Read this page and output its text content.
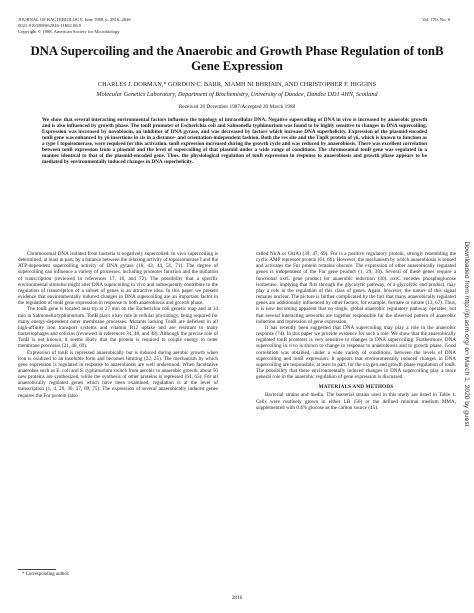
JOURNAL OF BACTERIOLOGY, June 1988, p. 2816–2826
0021-9193/88/062816-11$02.00/0
Copyright © 1988, American Society for Microbiology
Vol. 170, No. 6
DNA Supercoiling and the Anaerobic and Growth Phase Regulation of tonB Gene Expression

CHARLES J. DORMAN,* GORDON C. BARR, NIAMH NI BHRIAIN, AND CHRISTOPHER F. HIGGINS

Molecular Genetics Laboratory, Department of Biochemistry, University of Dundee, Dundee DD1 4HN, Scotland

Received 28 December 1987/Accepted 20 March 1988

We show that several interacting environmental factors influence the topology of intracellular DNA. Negative supercoiling of DNA in vivo is increased by anaerobic growth and is also influenced by growth phase. The tonB promoter of Escherichia coli and Salmonella typhimurium was found to be highly sensitive to changes in DNA supercoiling. Expression was increased by novobiocin, an inhibitor of DNA gyrase, and was decreased by factors which increase DNA superhelicity. Expression of the plasmid-encoded tonB gene was enhanced by γδ insertions in cis in a distance- and orientation-independent fashion. Both the res site and the TnpR protein of γδ, which is known to function as a type I topoisomerase, were required for this activation. tonB expression increased during the growth cycle and was reduced by anaerobiosis. There was excellent correlation between tonB expression from a plasmid and the level of supercoiling of that plasmid under a wide range of conditions. The chromosomal tonB gene was regulated in a manner identical to that of the plasmid-encoded gene. Thus, the physiological regulation of tonB expression in response to anaerobiosis and growth phase appears to be mediated by environmentally induced changes in DNA superhelicity.

Chromosomal DNA isolated from bacteria is negatively supercoiled. In vivo supercoiling is determined, at least in part, by a balance between the relaxing activity of topoisomerase I and the ATP-dependent supercoiling activity of DNA gyrase (16, 43, 44, 51, 71). The degree of supercoiling can influence a variety of processes, including promoter function and the initiation of transcription (reviewed in references 17, 18, and 72). The possibility that a specific environmental stimulus might alter DNA supercoiling in vivo and subsequently contribute to the regulation of transcription of a subset of genes is an attractive idea. In this paper we present evidence that environmentally induced changes in DNA supercoiling are an important factor in the regulation of tonB gene expression in response to both anaerobiosis and growth phase.

The tonB gene is located near trp at 27 min on the Escherichia coli genetic map and at 34 min in Salmonella typhimurium. TonB plays a key role in cellular physiology, being required for many energy-dependent outer membrane processes. Mutants lacking TonB are deficient in all high-affinity iron transport systems and vitamin B12 uptake and are resistant to many bacteriophages and colicins (reviewed in references 34, 46, and 48). Although the precise role of TonB is not known, it seems likely that the protein is required to couple energy to outer membrane processes (21, 48, 69).

Expression of tonB is repressed anaerobically but is induced during aerobic growth when iron is oxidized to an insoluble form and becomes limiting (22, 25). The mechanism by which gene expression is regulated in response to anaerobiosis are well understood. When facultative anaerobes such as E. coli and S. typhimurium switch from aerobic to anaerobic growth, about 50 new proteins are synthesized, while the synthesis of other proteins is repressed (64, 65). For all anaerobically regulated genes which have been examined, regulation is at the level of transcription (1, 4, 29, 30, 37, 69, 75). The expression of several anaerobically induced genes requires the Fnr protein (also

called NirA or OsrA) (39, 47, 69). Fnr is a positive regulatory protein, strongly resembling the cyclic AMP repressor protein (61, 66). However, the mechanism by which anaerobiosis is sensed and activates the Fnr protein remains obscure. The expression of other anaerobically regulated genes is independent of the Fnr gene product (1, 29, 30). Several of these genes require a functional oxrC gene product for anaerobic induction (30). oxrC encodes phosphoglucose isomerase, implying that flux through the glycolytic pathway, or a glycolytic end product, may play a role in the regulation of this class of genes. Again, however, the nature of this signal remains unclear. The picture is further complicated by the fact that many anaerobically regulated genes are additionally influenced by other factors, for example, formate or nitrate (13, 67). Thus, it is now becoming apparent that no single, global anaerobic regulatory pathway operates, but that several interacting networks are together responsible for the observed pattern of anaerobic induction and repression of gene expression.

It has recently been suggested that DNA supercoiling may play a role in the anaerobic response (74). In this paper we provide evidence for such a role. We show that the anaerobically regulated tonB promoter is very sensitive to changes in DNA supercoiling. Furthermore, DNA supercoiling in vivo is shown to change in response to anaerobiosis and to growth phase. Good correlation was obtained, under a wide variety of conditions, between the levels of DNA supercoiling and tonB expression. It appears that environmentally induced changes in DNA supercoiling are responsible, at least in part, for the oxygen and growth phase regulation of tonB. The possibility that these environmentally induced changes in DNA supercoiling play a more general role in the anaerobic regulation of gene expression is discussed.

MATERIALS AND METHODS

Bacterial strains and media. The bacterial strains used in this study are listed in Table 1. Cells were routinely grown in either LB (56) or the defined minimal medium MMA, supplemented with 0.4% glucose as the carbon source (45).

* Corresponding author.
2816
Downloaded from http://jb.asm.org/ on March 1, 2020 by guest
